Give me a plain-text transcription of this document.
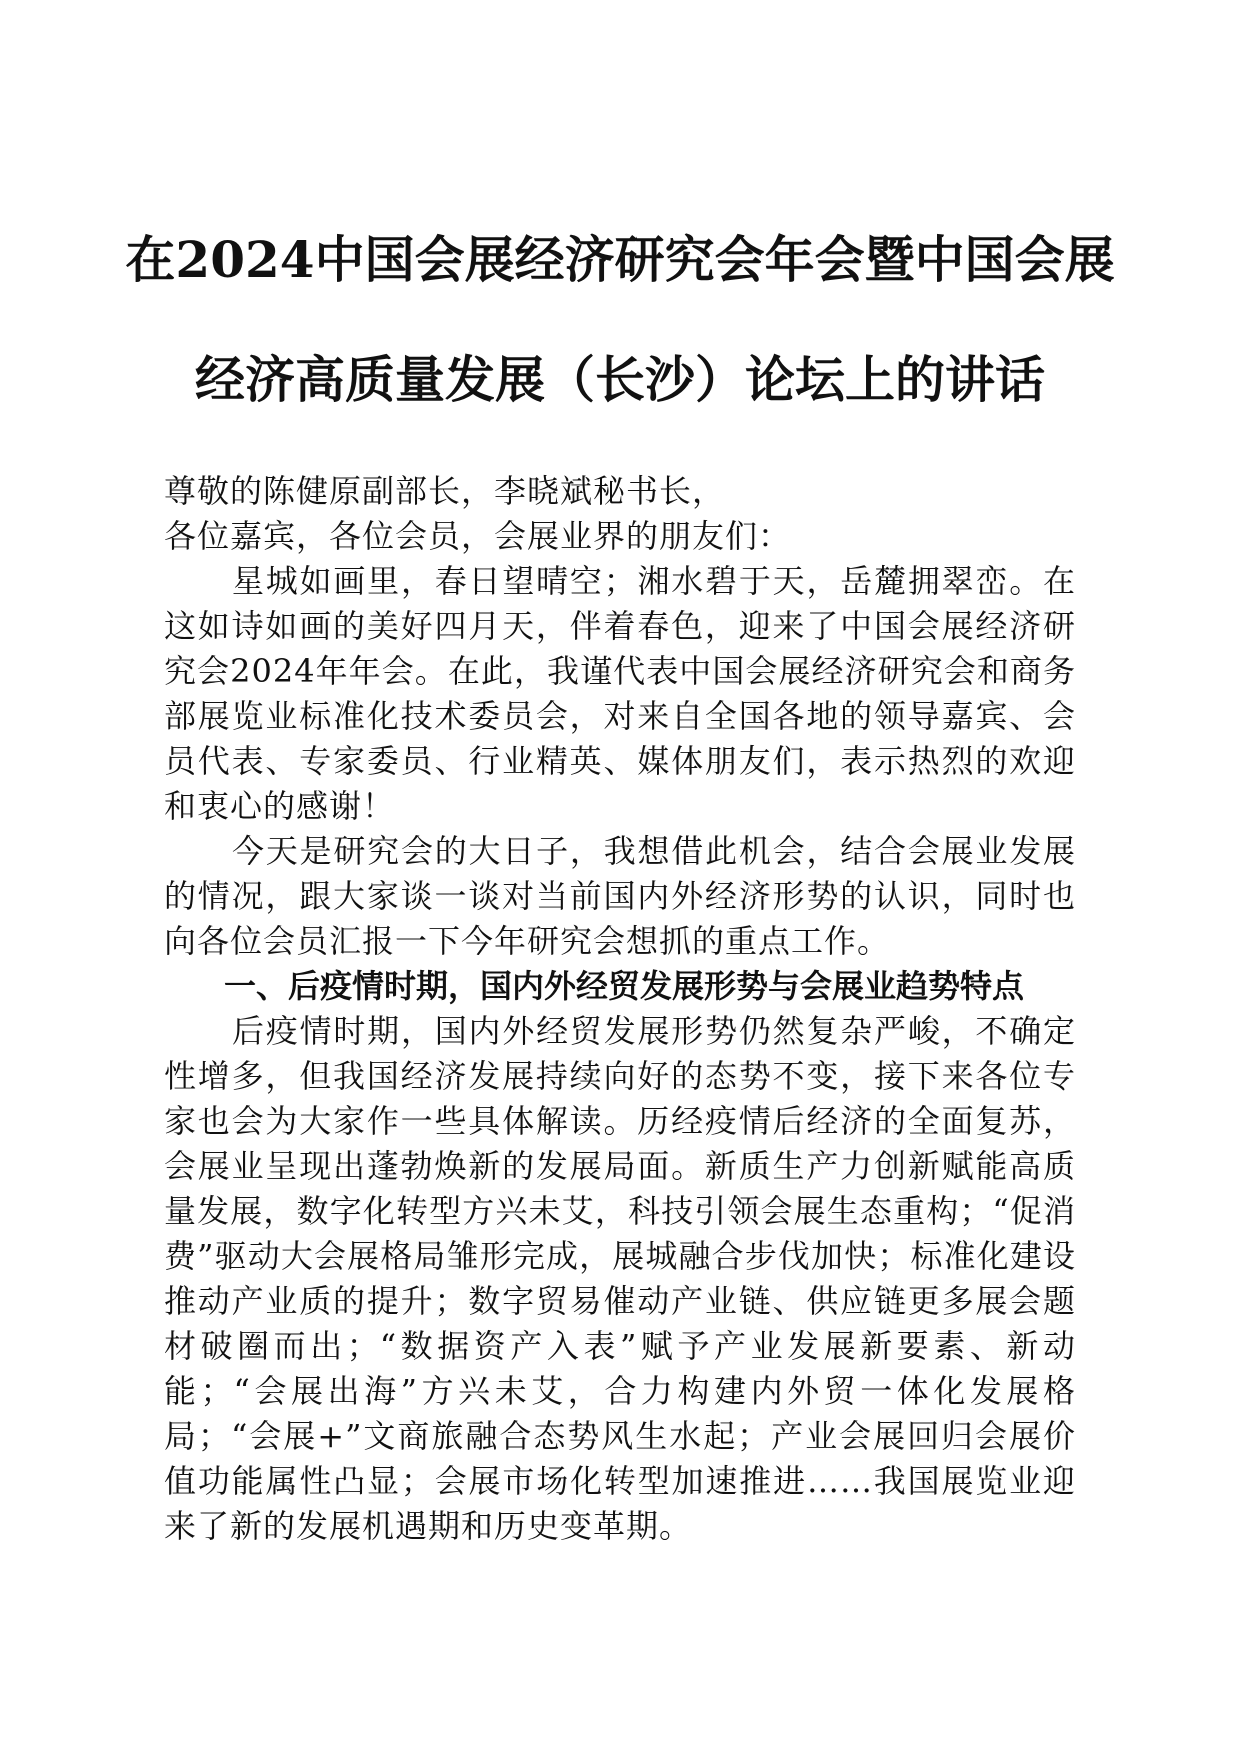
在2024中国会展经济研究会年会暨中国会展
经济高质量发展（长沙）论坛上的讲话

尊敬的陈健原副部长，李晓斌秘书长，

各位嘉宾，各位会员，会展业界的朋友们：

星城如画里，春日望晴空；湘水碧于天，岳麓拥翠峦。在这如诗如画的美好四月天，伴着春色，迎来了中国会展经济研究会2024年年会。在此，我谨代表中国会展经济研究会和商务部展览业标准化技术委员会，对来自全国各地的领导嘉宾、会员代表、专家委员、行业精英、媒体朋友们，表示热烈的欢迎和衷心的感谢！

今天是研究会的大日子，我想借此机会，结合会展业发展的情况，跟大家谈一谈对当前国内外经济形势的认识，同时也向各位会员汇报一下今年研究会想抓的重点工作。

一、后疫情时期，国内外经贸发展形势与会展业趋势特点

后疫情时期，国内外经贸发展形势仍然复杂严峻，不确定性增多，但我国经济发展持续向好的态势不变，接下来各位专家也会为大家作一些具体解读。历经疫情后经济的全面复苏，会展业呈现出蓬勃焕新的发展局面。新质生产力创新赋能高质量发展，数字化转型方兴未艾，科技引领会展生态重构；“促消费”驱动大会展格局雏形完成，展城融合步伐加快；标准化建设推动产业质的提升；数字贸易催动产业链、供应链更多展会题材破圈而出；“数据资产入表”赋予产业发展新要素、新动能；“会展出海”方兴未艾，合力构建内外贸一体化发展格局；“会展+”文商旅融合态势风生水起；产业会展回归会展价值功能属性凸显；会展市场化转型加速推进……我国展览业迎来了新的发展机遇期和历史变革期。
